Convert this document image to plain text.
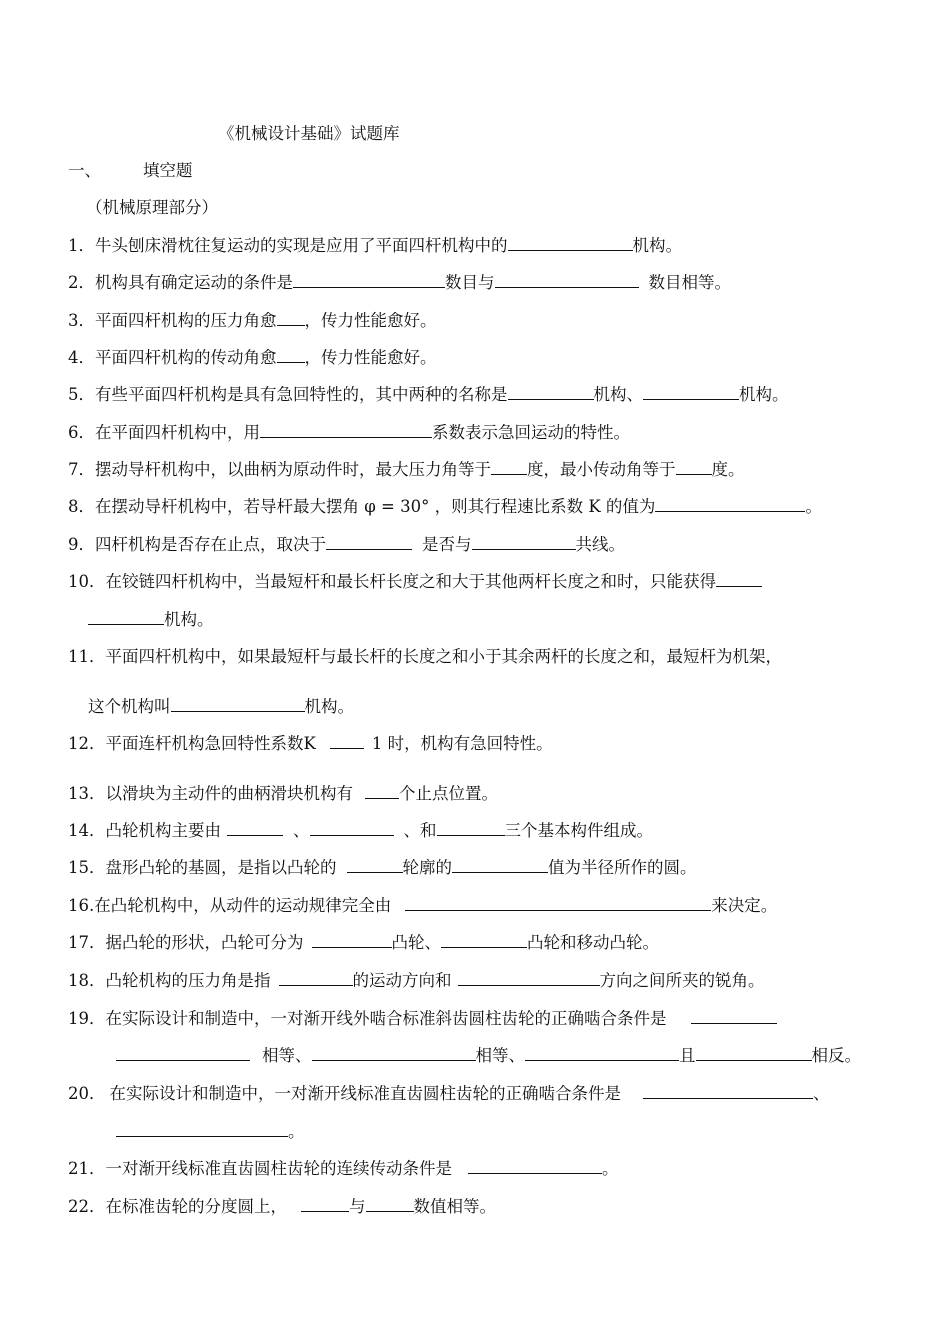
《机械设计基础》试题库
一、	填空题
（机械原理部分）
1．牛头刨床滑枕往复运动的实现是应用了平面四杆机构中的	机构。
2．机构具有确定运动的条件是	数目与	数目相等。
3．平面四杆机构的压力角愈 ，传力性能愈好。
4．平面四杆机构的传动角愈 ，传力性能愈好。
5．有些平面四杆机构是具有急回特性的，其中两种的名称是	机构、	机构。
6．在平面四杆机构中，用	系数表示急回运动的特性。
7．摆动导杆机构中，以曲柄为原动件时，最大压力角等于 度，最小传动角等于 度。
8．在摆动导杆机构中，若导杆最大摆角 φ = 30° ，则其行程速比系数 K 的值为	。
9．四杆机构是否存在止点，取决于	是否与	共线。
10．在铰链四杆机构中，当最短杆和最长杆长度之和大于其他两杆长度之和时，只能获得
机构。
11．平面四杆机构中，如果最短杆与最长杆的长度之和小于其余两杆的长度之和，最短杆为机架，
这个机构叫	机构。
12．平面连杆机构急回特性系数K	1 时，机构有急回特性。
13．以滑块为主动件的曲柄滑块机构有	个止点位置。
14．凸轮机构主要由	、	、和	三个基本构件组成。
15．盘形凸轮的基圆，是指以凸轮的	轮廓的	值为半径所作的圆。
16.在凸轮机构中，从动件的运动规律完全由	来决定。
17．据凸轮的形状，凸轮可分为	凸轮、	凸轮和移动凸轮。
18．凸轮机构的压力角是指	的运动方向和	方向之间所夹的锐角。
19．在实际设计和制造中，一对渐开线外啮合标准斜齿圆柱齿轮的正确啮合条件是
相等、	相等、	且	相反。
20． 在实际设计和制造中，一对渐开线标准直齿圆柱齿轮的正确啮合条件是	、
。
21．一对渐开线标准直齿圆柱齿轮的连续传动条件是	。
22．在标准齿轮的分度圆上，	与	数值相等。
